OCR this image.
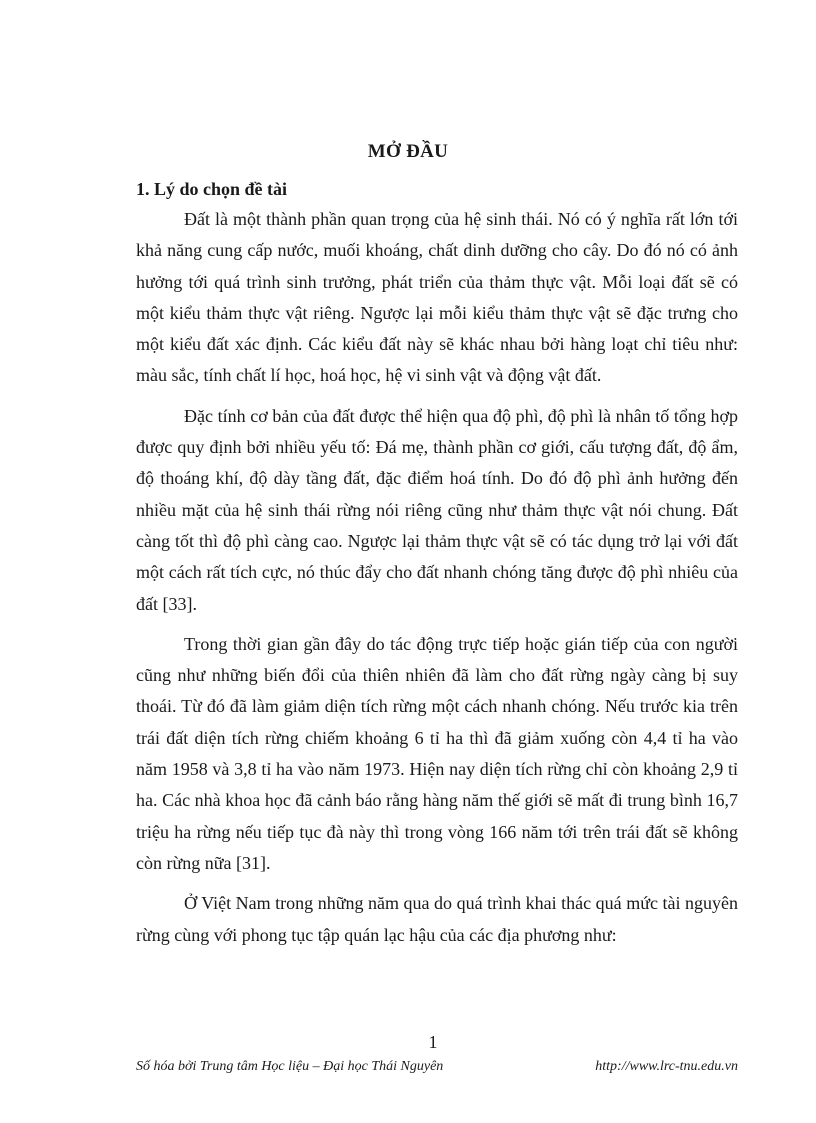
MỞ ĐẦU
1. Lý do chọn đề tài

Đất là một thành phần quan trọng của hệ sinh thái. Nó có ý nghĩa rất lớn tới khả năng cung cấp nước, muối khoáng, chất dinh dưỡng cho cây. Do đó nó có ảnh hưởng tới quá trình sinh trưởng, phát triển của thảm thực vật. Mỗi loại đất sẽ có một kiểu thảm thực vật riêng. Ngược lại mỗi kiểu thảm thực vật sẽ đặc trưng cho một kiểu đất xác định. Các kiểu đất này sẽ khác nhau bởi hàng loạt chỉ tiêu như: màu sắc, tính chất lí học, hoá học, hệ vi sinh vật và động vật đất.

Đặc tính cơ bản của đất được thể hiện qua độ phì, độ phì là nhân tố tổng hợp được quy định bởi nhiều yếu tố: Đá mẹ, thành phần cơ giới, cấu tượng đất, độ ẩm, độ thoáng khí, độ dày tầng đất, đặc điểm hoá tính. Do đó độ phì ảnh hưởng đến nhiều mặt của hệ sinh thái rừng nói riêng cũng như thảm thực vật nói chung. Đất càng tốt thì độ phì càng cao. Ngược lại thảm thực vật sẽ có tác dụng trở lại với đất một cách rất tích cực, nó thúc đẩy cho đất nhanh chóng tăng được độ phì nhiêu của đất [33].

Trong thời gian gần đây do tác động trực tiếp hoặc gián tiếp của con người cũng như những biến đổi của thiên nhiên đã làm cho đất rừng ngày càng bị suy thoái. Từ đó đã làm giảm diện tích rừng một cách nhanh chóng. Nếu trước kia trên trái đất diện tích rừng chiếm khoảng 6 tỉ ha thì đã giảm xuống còn 4,4 tỉ ha vào năm 1958 và 3,8 tỉ ha vào năm 1973. Hiện nay diện tích rừng chỉ còn khoảng 2,9 tỉ ha. Các nhà khoa học đã cảnh báo rằng hàng năm thế giới sẽ mất đi trung bình 16,7 triệu ha rừng nếu tiếp tục đà này thì trong vòng 166 năm tới trên trái đất sẽ không còn rừng nữa [31].

Ở Việt Nam trong những năm qua do quá trình khai thác quá mức tài nguyên rừng cùng với phong tục tập quán lạc hậu của các địa phương như:

1
Số hóa bởi Trung tâm Học liệu – Đại học Thái Nguyên	http://www.lrc-tnu.edu.vn
